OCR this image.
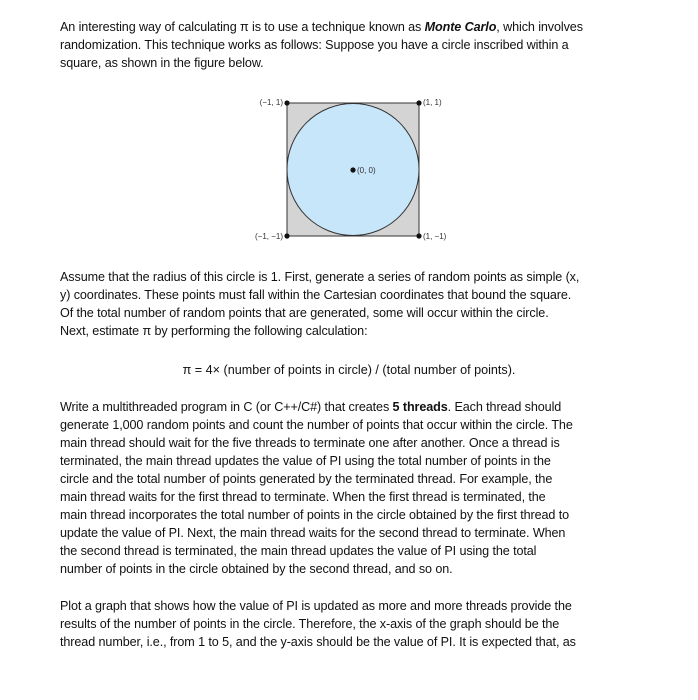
An interesting way of calculating π is to use a technique known as Monte Carlo, which involves
randomization. This technique works as follows: Suppose you have a circle inscribed within a
square, as shown in the figure below.
(−1, 1)	(1, 1)
(0, 0)
(−1, −1)	(1, −1)
Assume that the radius of this circle is 1. First, generate a series of random points as simple (x,
y) coordinates. These points must fall within the Cartesian coordinates that bound the square.
Of the total number of random points that are generated, some will occur within the circle.
Next, estimate π by performing the following calculation:
π = 4× (number of points in circle) / (total number of points).
Write a multithreaded program in C (or C++/C#) that creates 5 threads. Each thread should
generate 1,000 random points and count the number of points that occur within the circle. The
main thread should wait for the five threads to terminate one after another. Once a thread is
terminated, the main thread updates the value of PI using the total number of points in the
circle and the total number of points generated by the terminated thread. For example, the
main thread waits for the first thread to terminate. When the first thread is terminated, the
main thread incorporates the total number of points in the circle obtained by the first thread to
update the value of PI. Next, the main thread waits for the second thread to terminate. When
the second thread is terminated, the main thread updates the value of PI using the total
number of points in the circle obtained by the second thread, and so on.
Plot a graph that shows how the value of PI is updated as more and more threads provide the
results of the number of points in the circle. Therefore, the x-axis of the graph should be the
thread number, i.e., from 1 to 5, and the y-axis should be the value of PI. It is expected that, as
